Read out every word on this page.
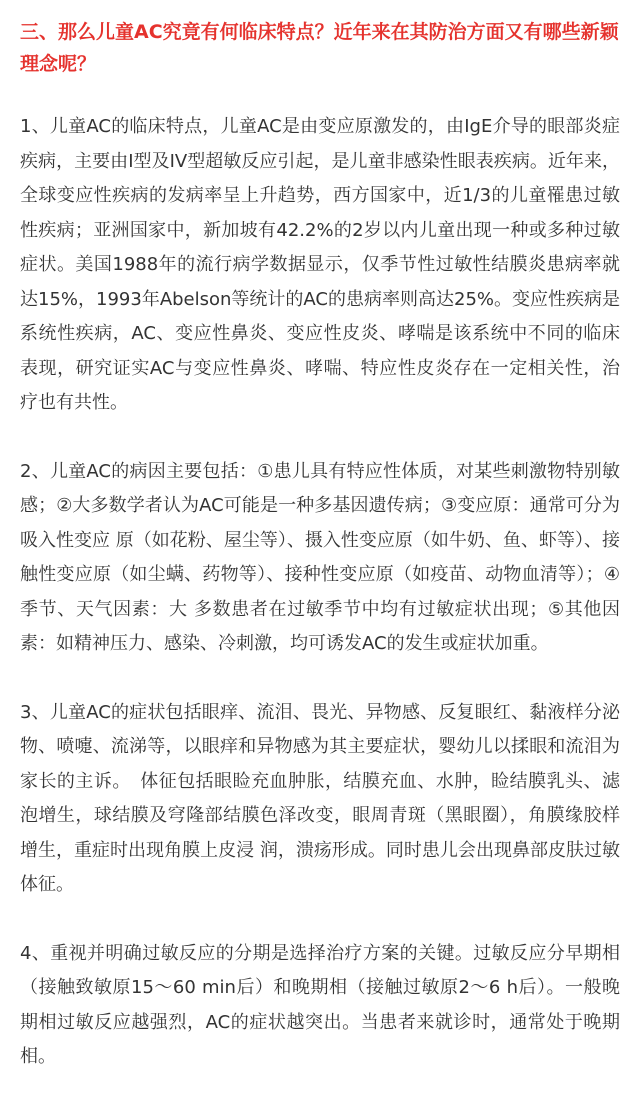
三、那么儿童AC究竟有何临床特点？近年来在其防治方面又有哪些新颖理念呢？

1、儿童AC的临床特点，儿童AC是由变应原激发的，由IgE介导的眼部炎症疾病，主要由I型及IV型超敏反应引起，是儿童非感染性眼表疾病。近年来，全球变应性疾病的发病率呈上升趋势，西方国家中，近1/3的儿童罹患过敏性疾病；亚洲国家中，新加坡有42.2%的2岁以内儿童出现一种或多种过敏症状。美国1988年的流行病学数据显示，仅季节性过敏性结膜炎患病率就达15%，1993年Abelson等统计的AC的患病率则高达25%。变应性疾病是系统性疾病，AC、变应性鼻炎、变应性皮炎、哮喘是该系统中不同的临床表现，研究证实AC与变应性鼻炎、哮喘、特应性皮炎存在一定相关性，治疗也有共性。

2、儿童AC的病因主要包括：①患儿具有特应性体质，对某些刺激物特别敏感；②大多数学者认为AC可能是一种多基因遗传病；③变应原：通常可分为吸入性变应 原（如花粉、屋尘等）、摄入性变应原（如牛奶、鱼、虾等）、接触性变应原（如尘螨、药物等）、接种性变应原（如疫苗、动物血清等）；④季节、天气因素：大 多数患者在过敏季节中均有过敏症状出现；⑤其他因素：如精神压力、感染、冷刺激，均可诱发AC的发生或症状加重。

3、儿童AC的症状包括眼痒、流泪、畏光、异物感、反复眼红、黏液样分泌物、喷嚏、流涕等，以眼痒和异物感为其主要症状，婴幼儿以揉眼和流泪为家长的主诉。　体征包括眼睑充血肿胀，结膜充血、水肿，睑结膜乳头、滤泡增生，球结膜及穹隆部结膜色泽改变，眼周青斑（黑眼圈），角膜缘胶样增生，重症时出现角膜上皮浸 润，溃疡形成。同时患儿会出现鼻部皮肤过敏体征。

4、重视并明确过敏反应的分期是选择治疗方案的关键。过敏反应分早期相（接触致敏原15～60 min后）和晚期相（接触过敏原2～6 h后）。一般晚期相过敏反应越强烈，AC的症状越突出。当患者来就诊时，通常处于晚期相。
